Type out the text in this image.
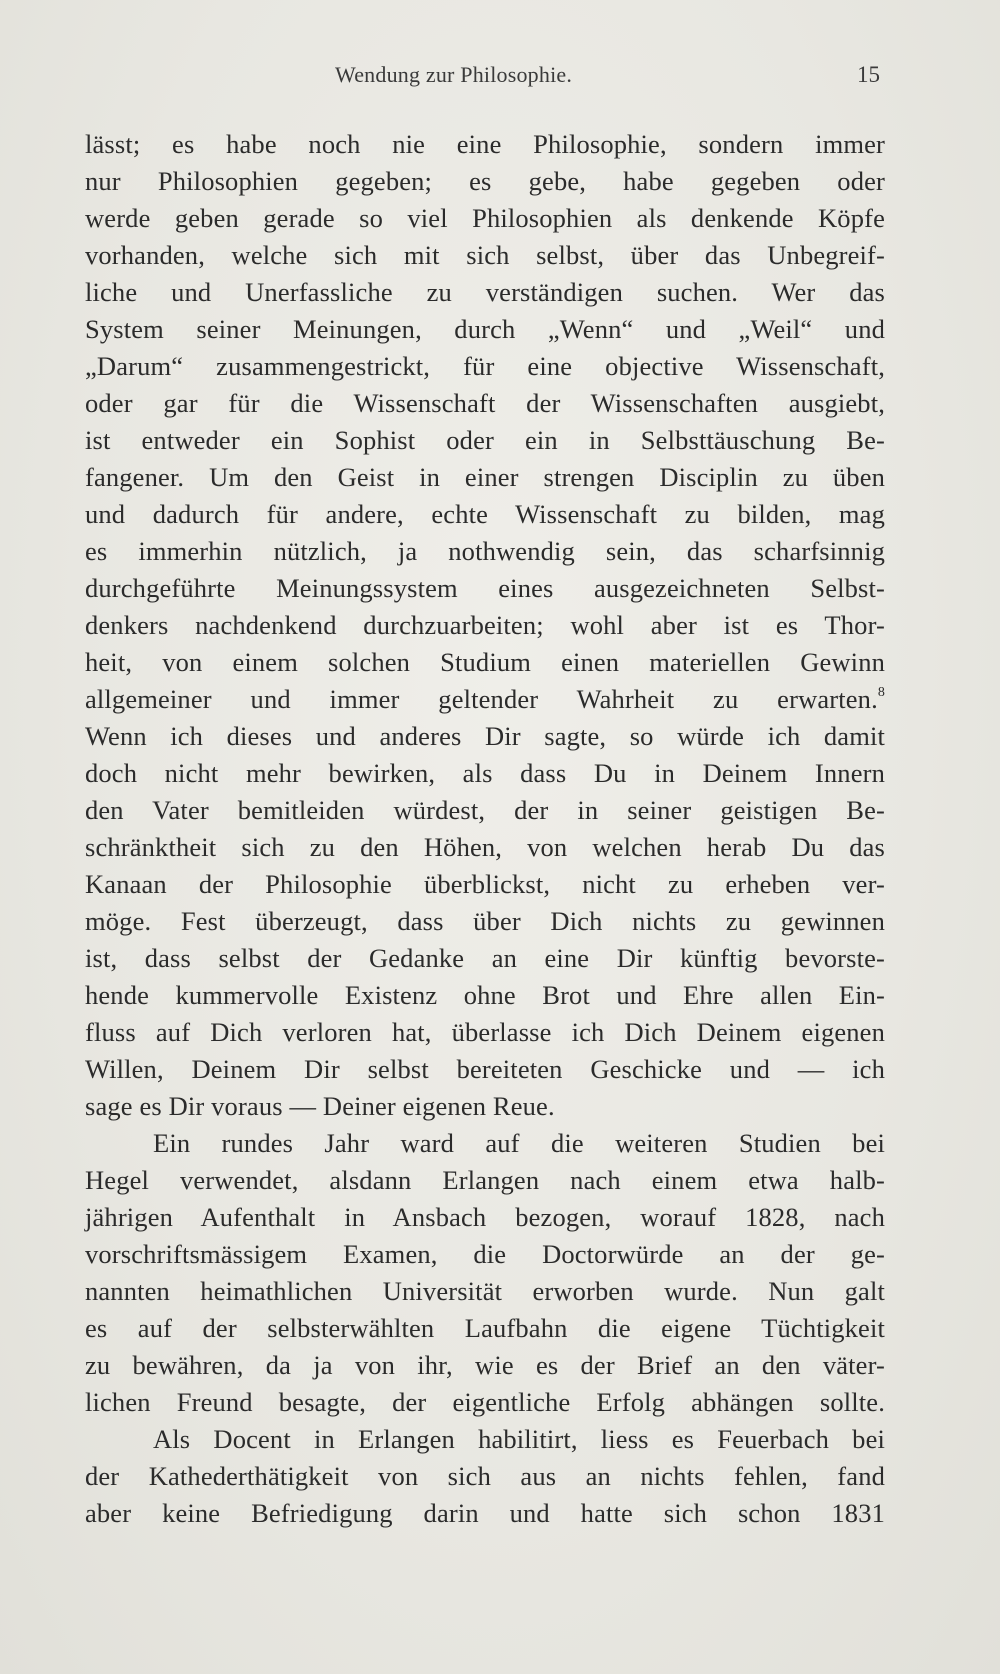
Wendung zur Philosophie.	15
lässt; es habe noch nie eine Philosophie, sondern immer
nur Philosophien gegeben; es gebe, habe gegeben oder
werde geben gerade so viel Philosophien als denkende Köpfe
vorhanden, welche sich mit sich selbst, über das Unbegreif-
liche und Unerfassliche zu verständigen suchen. Wer das
System seiner Meinungen, durch „Wenn“ und „Weil“ und
„Darum“ zusammengestrickt, für eine objective Wissenschaft,
oder gar für die Wissenschaft der Wissenschaften ausgiebt,
ist entweder ein Sophist oder ein in Selbsttäuschung Be-
fangener. Um den Geist in einer strengen Disciplin zu üben
und dadurch für andere, echte Wissenschaft zu bilden, mag
es immerhin nützlich, ja nothwendig sein, das scharfsinnig
durchgeführte Meinungssystem eines ausgezeichneten Selbst-
denkers nachdenkend durchzuarbeiten; wohl aber ist es Thor-
heit, von einem solchen Studium einen materiellen Gewinn
allgemeiner und immer geltender Wahrheit zu erwarten.$^8$
Wenn ich dieses und anderes Dir sagte, so würde ich damit
doch nicht mehr bewirken, als dass Du in Deinem Innern
den Vater bemitleiden würdest, der in seiner geistigen Be-
schränktheit sich zu den Höhen, von welchen herab Du das
Kanaan der Philosophie überblickst, nicht zu erheben ver-
möge. Fest überzeugt, dass über Dich nichts zu gewinnen
ist, dass selbst der Gedanke an eine Dir künftig bevorste-
hende kummervolle Existenz ohne Brot und Ehre allen Ein-
fluss auf Dich verloren hat, überlasse ich Dich Deinem eigenen
Willen, Deinem Dir selbst bereiteten Geschicke und — ich
sage es Dir voraus — Deiner eigenen Reue.
Ein rundes Jahr ward auf die weiteren Studien bei
Hegel verwendet, alsdann Erlangen nach einem etwa halb-
jährigen Aufenthalt in Ansbach bezogen, worauf 1828, nach
vorschriftsmässigem Examen, die Doctorwürde an der ge-
nannten heimathlichen Universität erworben wurde. Nun galt
es auf der selbsterwählten Laufbahn die eigene Tüchtigkeit
zu bewähren, da ja von ihr, wie es der Brief an den väter-
lichen Freund besagte, der eigentliche Erfolg abhängen sollte.
Als Docent in Erlangen habilitirt, liess es Feuerbach bei
der Kathederthätigkeit von sich aus an nichts fehlen, fand
aber keine Befriedigung darin und hatte sich schon 1831
